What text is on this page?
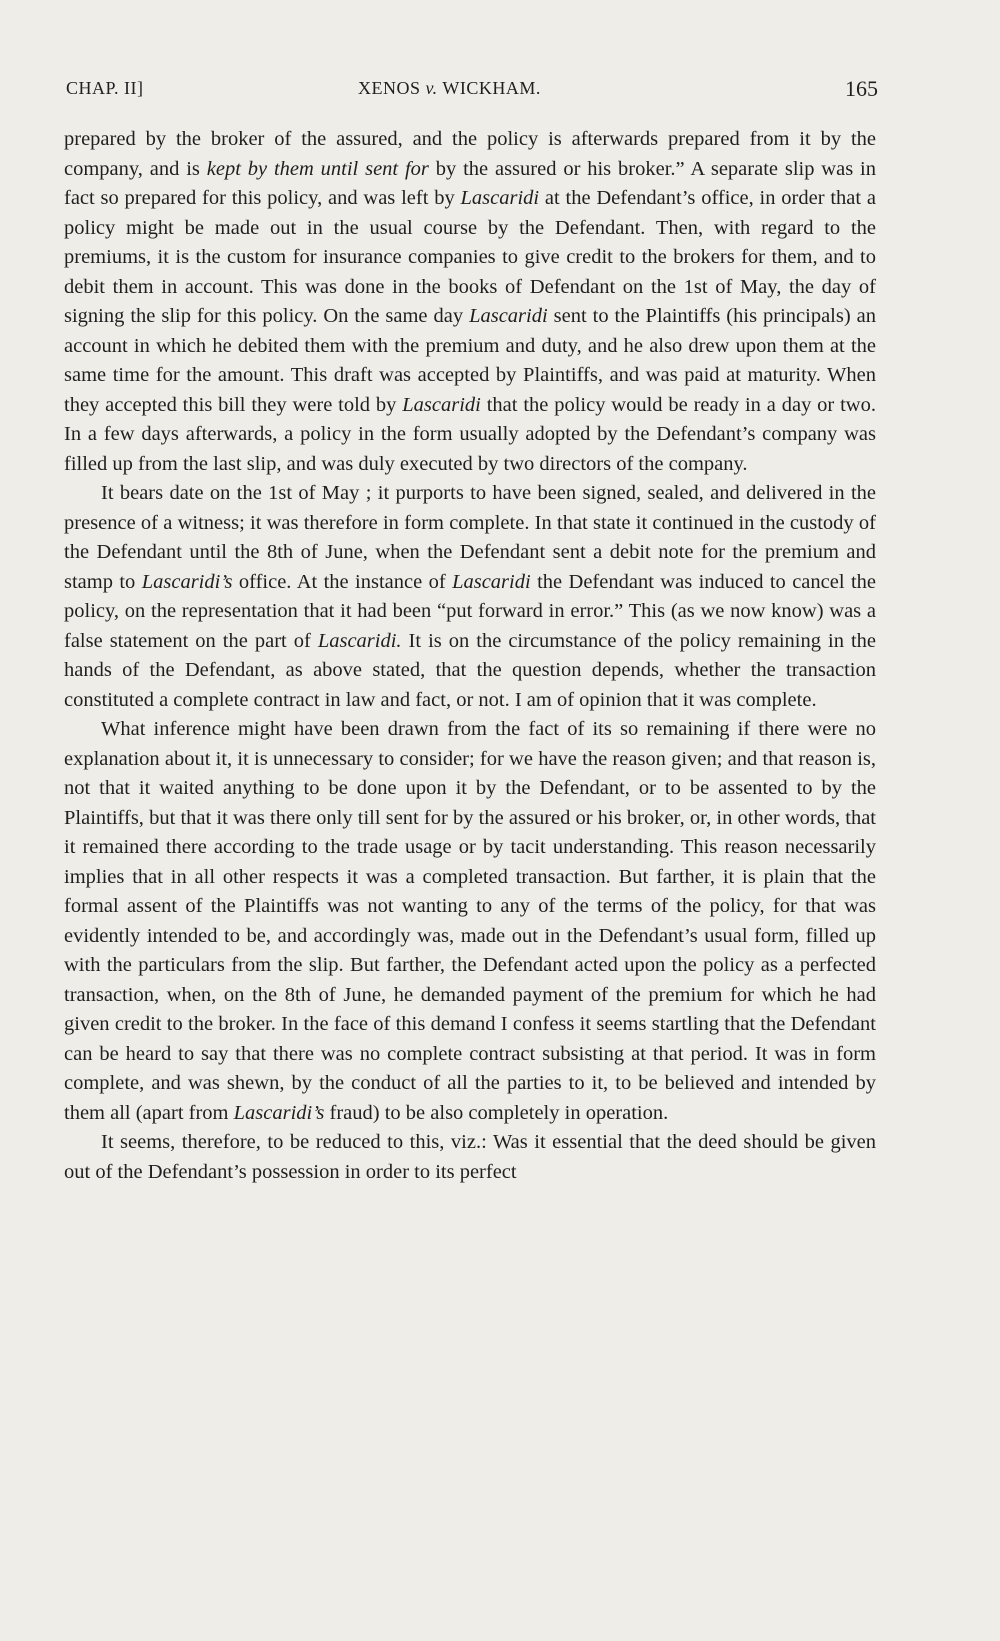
CHAP. II]	XENOS v. WICKHAM.	165

prepared by the broker of the assured, and the policy is afterwards prepared from it by the company, and is kept by them until sent for by the assured or his broker.” A separate slip was in fact so prepared for this policy, and was left by Lascaridi at the Defendant’s office, in order that a policy might be made out in the usual course by the Defendant. Then, with regard to the premiums, it is the custom for insurance companies to give credit to the brokers for them, and to debit them in account. This was done in the books of Defendant on the 1st of May, the day of signing the slip for this policy. On the same day Lascaridi sent to the Plaintiffs (his principals) an account in which he debited them with the premium and duty, and he also drew upon them at the same time for the amount. This draft was accepted by Plaintiffs, and was paid at maturity. When they accepted this bill they were told by Lascaridi that the policy would be ready in a day or two. In a few days afterwards, a policy in the form usually adopted by the Defendant’s company was filled up from the last slip, and was duly executed by two directors of the company.

It bears date on the 1st of May ; it purports to have been signed, sealed, and delivered in the presence of a witness; it was therefore in form complete. In that state it continued in the custody of the Defendant until the 8th of June, when the Defendant sent a debit note for the premium and stamp to Lascaridi’s office. At the instance of Lascaridi the Defendant was induced to cancel the policy, on the representation that it had been “put forward in error.” This (as we now know) was a false statement on the part of Lascaridi. It is on the circumstance of the policy remaining in the hands of the Defendant, as above stated, that the question depends, whether the transaction constituted a complete contract in law and fact, or not. I am of opinion that it was complete.

What inference might have been drawn from the fact of its so remaining if there were no explanation about it, it is unnecessary to consider; for we have the reason given; and that reason is, not that it waited anything to be done upon it by the Defendant, or to be assented to by the Plaintiffs, but that it was there only till sent for by the assured or his broker, or, in other words, that it remained there according to the trade usage or by tacit understanding. This reason necessarily implies that in all other respects it was a completed transaction. But farther, it is plain that the formal assent of the Plaintiffs was not wanting to any of the terms of the policy, for that was evidently intended to be, and accordingly was, made out in the Defendant’s usual form, filled up with the particulars from the slip. But farther, the Defendant acted upon the policy as a perfected transaction, when, on the 8th of June, he demanded payment of the premium for which he had given credit to the broker. In the face of this demand I confess it seems startling that the Defendant can be heard to say that there was no complete contract subsisting at that period. It was in form complete, and was shewn, by the conduct of all the parties to it, to be believed and intended by them all (apart from Lascaridi’s fraud) to be also completely in operation.

It seems, therefore, to be reduced to this, viz.: Was it essential that the deed should be given out of the Defendant’s possession in order to its perfect
